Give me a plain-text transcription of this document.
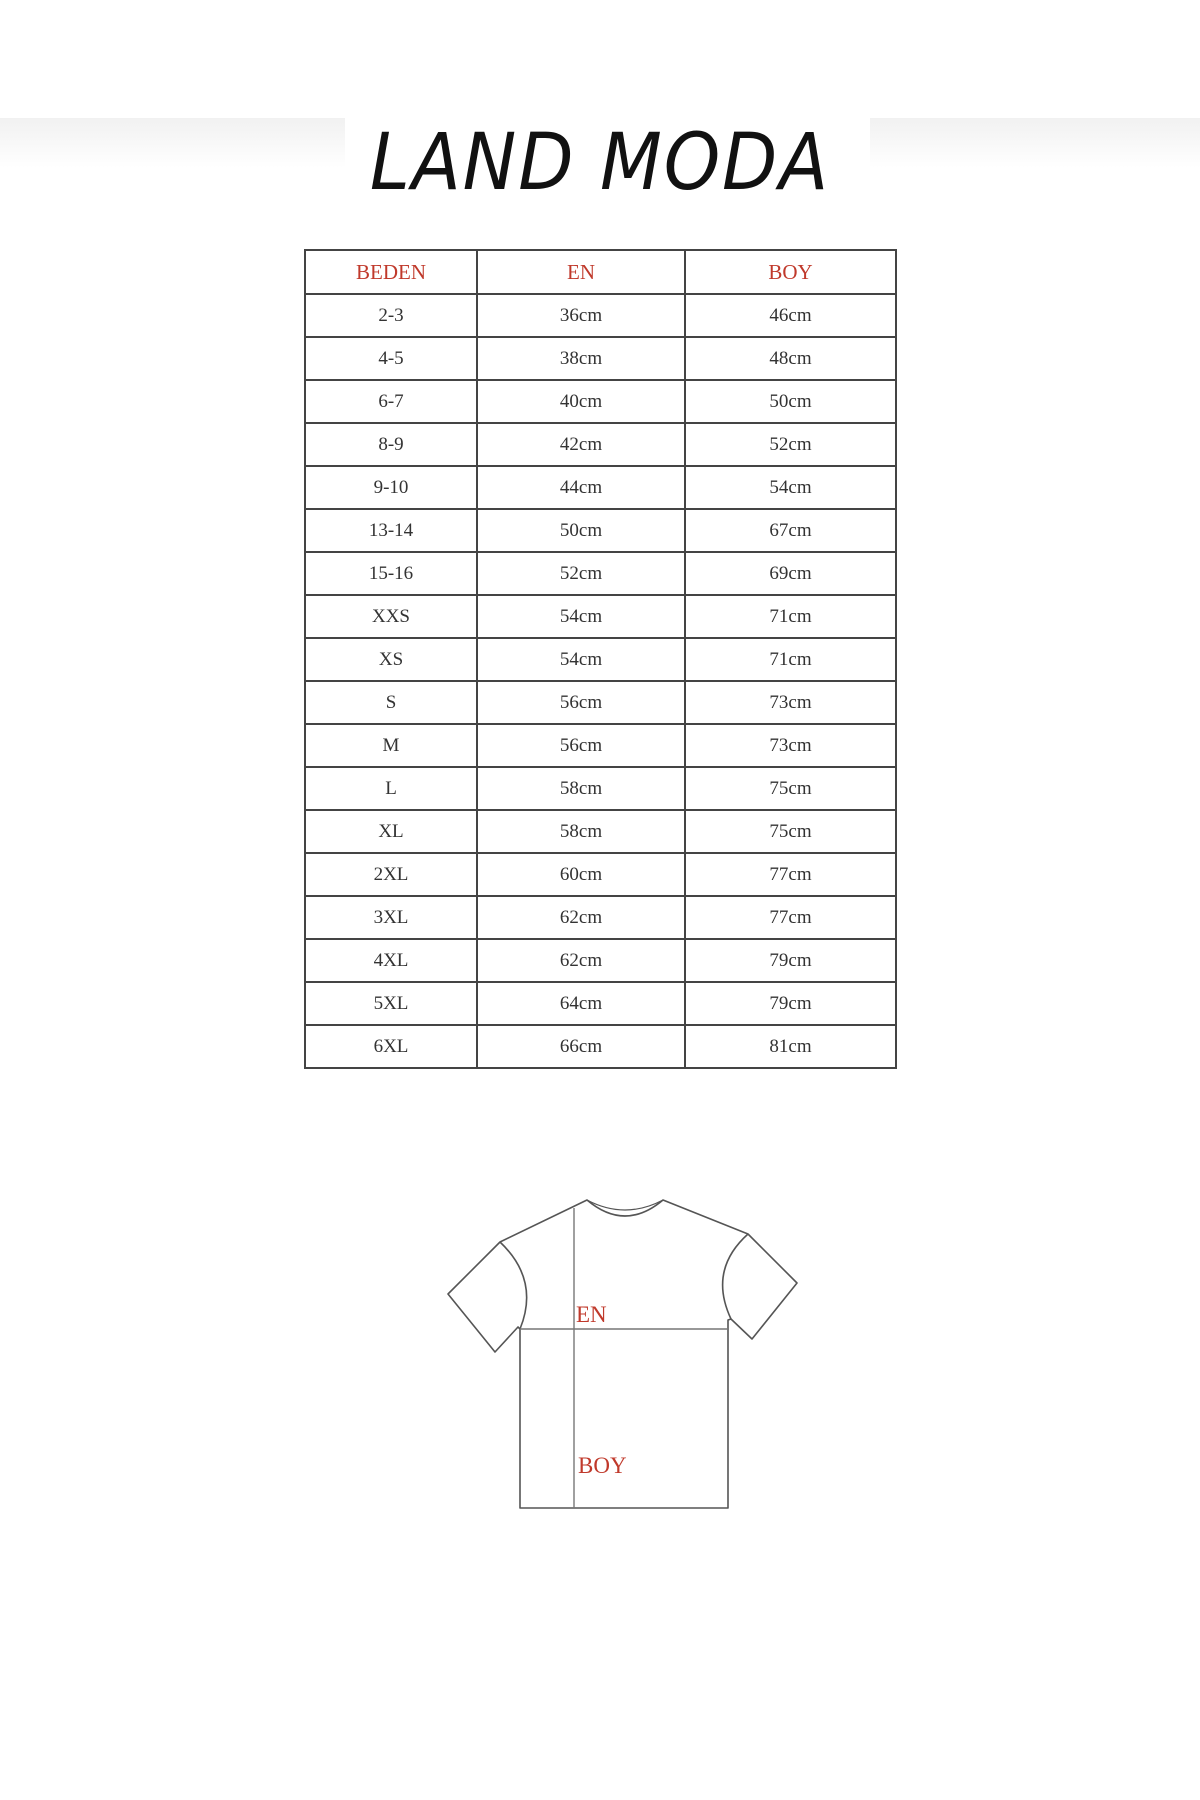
LAND MODA
BEDEN	EN	BOY
2-3	36cm	46cm
4-5	38cm	48cm
6-7	40cm	50cm
8-9	42cm	52cm
9-10	44cm	54cm
13-14	50cm	67cm
15-16	52cm	69cm
XXS	54cm	71cm
XS	54cm	71cm
S	56cm	73cm
M	56cm	73cm
L	58cm	75cm
XL	58cm	75cm
2XL	60cm	77cm
3XL	62cm	77cm
4XL	62cm	79cm
5XL	64cm	79cm
6XL	66cm	81cm
EN
BOY
